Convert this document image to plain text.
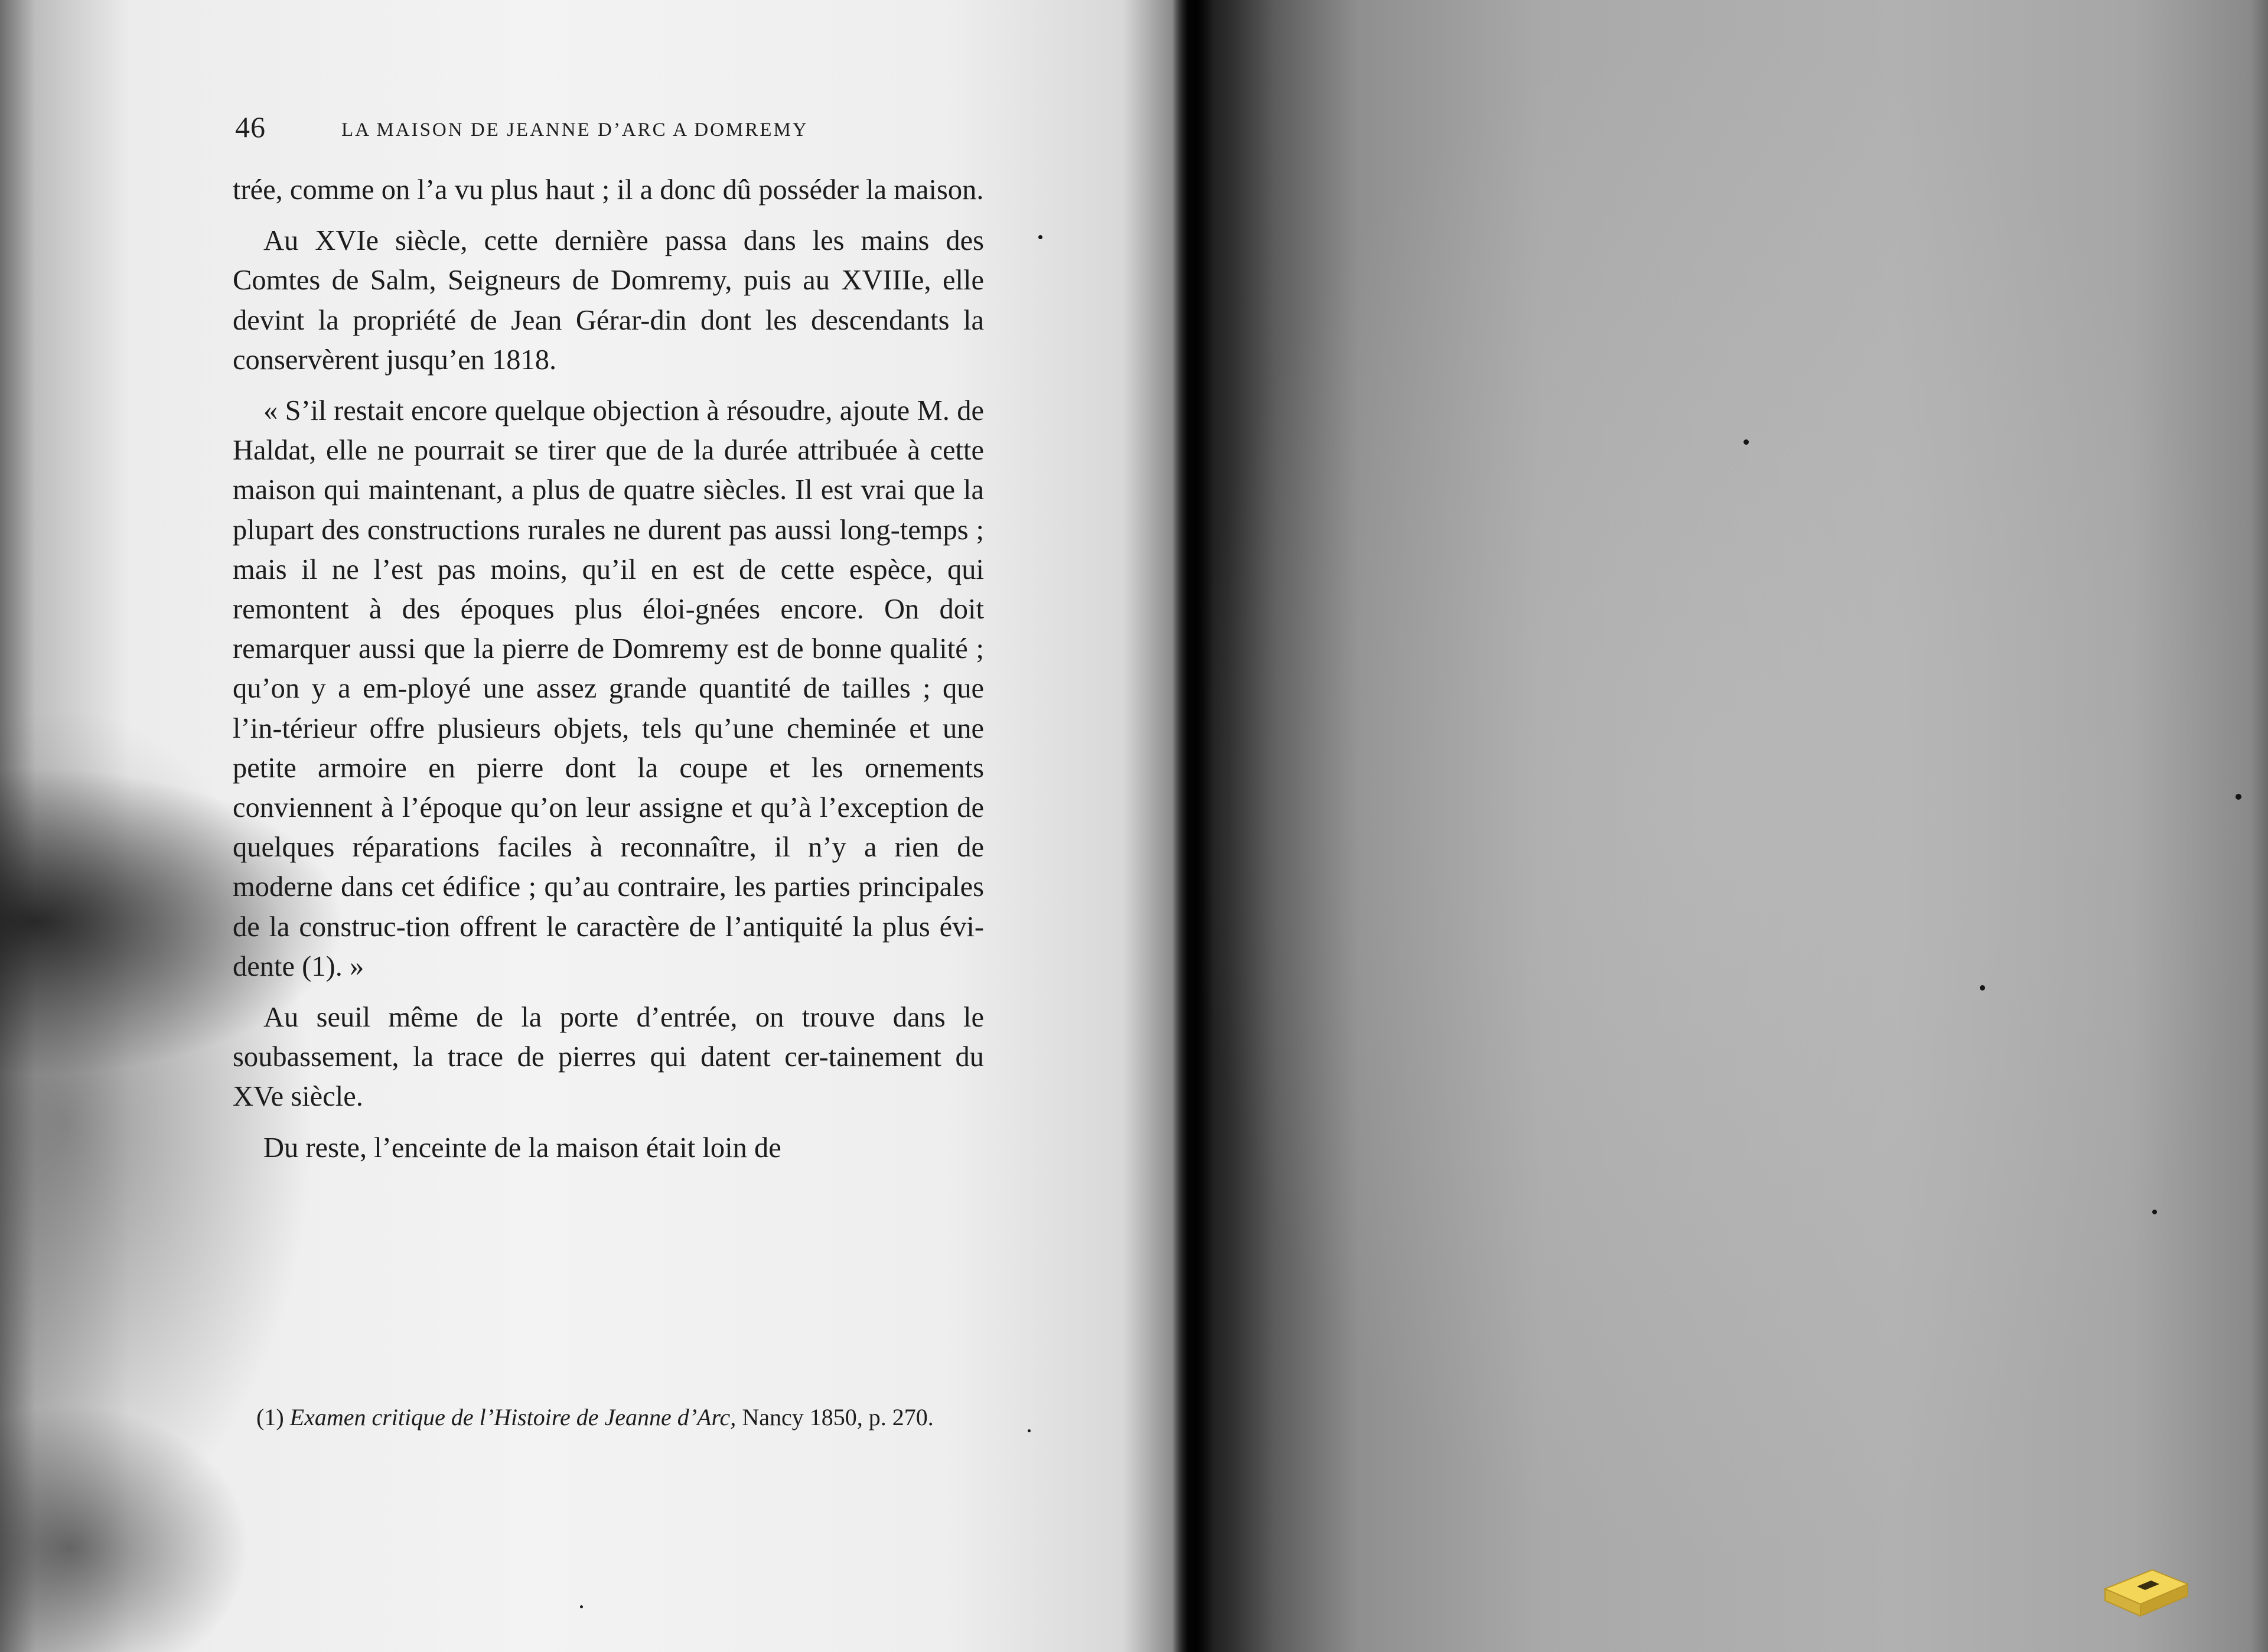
46	LA MAISON DE JEANNE D’ARC A DOMREMY

trée, comme on l’a vu plus haut ; il a donc dû posséder la maison.

Au XVIe siècle, cette dernière passa dans les mains des Comtes de Salm, Seigneurs de Domremy, puis au XVIIIe, elle devint la propriété de Jean Gérar-din dont les descendants la conservèrent jusqu’en 1818.

« S’il restait encore quelque objection à résoudre, ajoute M. de Haldat, elle ne pourrait se tirer que de la durée attribuée à cette maison qui maintenant, a plus de quatre siècles. Il est vrai que la plupart des constructions rurales ne durent pas aussi long-temps ; mais il ne l’est pas moins, qu’il en est de cette espèce, qui remontent à des époques plus éloi-gnées encore. On doit remarquer aussi que la pierre de Domremy est de bonne qualité ; qu’on y a em-ployé une assez grande quantité de tailles ; que l’in-térieur offre plusieurs objets, tels qu’une cheminée et une petite armoire en pierre dont la coupe et les ornements conviennent à l’époque qu’on leur assigne et qu’à l’exception de quelques réparations faciles à reconnaître, il n’y a rien de moderne dans cet édifice ; qu’au contraire, les parties principales de la construc-tion offrent le caractère de l’antiquité la plus évi-dente (1). »

Au seuil même de la porte d’entrée, on trouve dans le soubassement, la trace de pierres qui datent cer-tainement du XVe siècle.

Du reste, l’enceinte de la maison était loin de

(1) Examen critique de l’Histoire de Jeanne d’Arc, Nancy 1850, p. 270.
